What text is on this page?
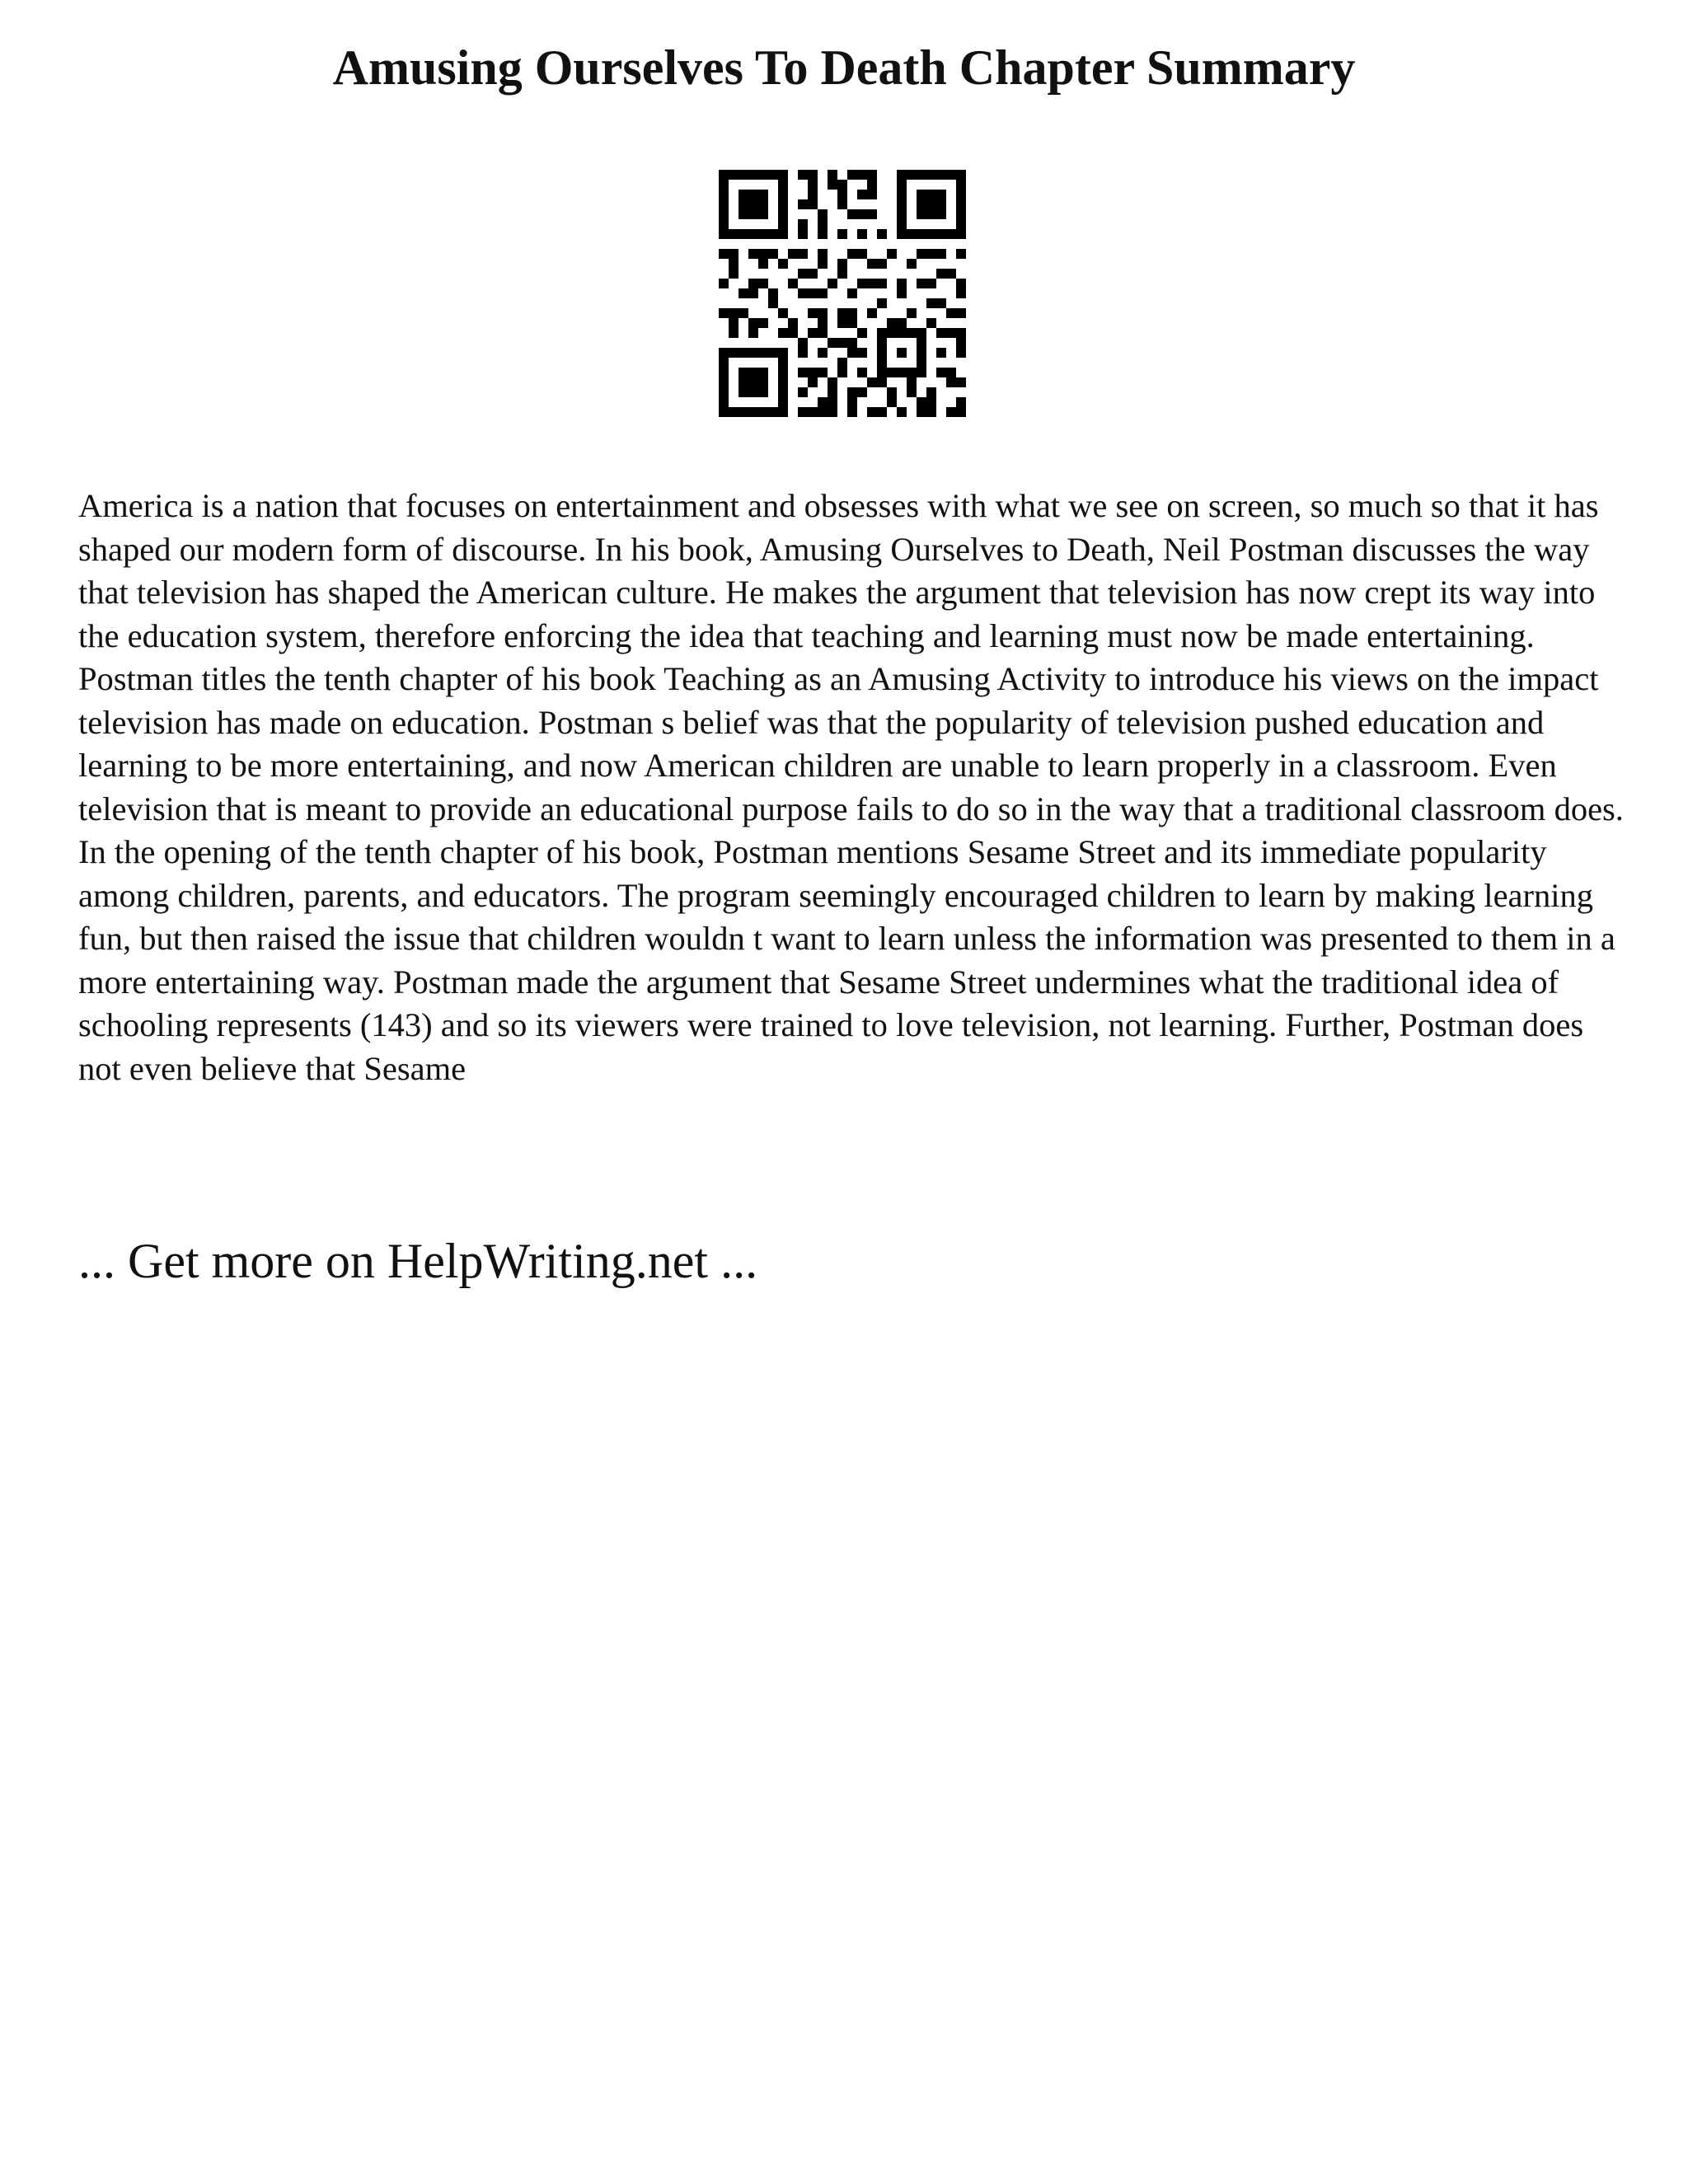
Amusing Ourselves To Death Chapter Summary

America is a nation that focuses on entertainment and obsesses with what we see on screen, so much so that it has shaped our modern form of discourse. In his book, Amusing Ourselves to Death, Neil Postman discusses the way that television has shaped the American culture. He makes the argument that television has now crept its way into the education system, therefore enforcing the idea that teaching and learning must now be made entertaining.

Postman titles the tenth chapter of his book Teaching as an Amusing Activity to introduce his views on the impact television has made on education. Postman s belief was that the popularity of television pushed education and learning to be more entertaining, and now American children are unable to learn properly in a classroom. Even television that is meant to provide an educational purpose fails to do so in the way that a traditional classroom does.

In the opening of the tenth chapter of his book, Postman mentions Sesame Street and its immediate popularity among children, parents, and educators. The program seemingly encouraged children to learn by making learning fun, but then raised the issue that children wouldn t want to learn unless the information was presented to them in a more entertaining way. Postman made the argument that Sesame Street undermines what the traditional idea of schooling represents (143) and so its viewers were trained to love television, not learning. Further, Postman does not even believe that Sesame

... Get more on HelpWriting.net ...
